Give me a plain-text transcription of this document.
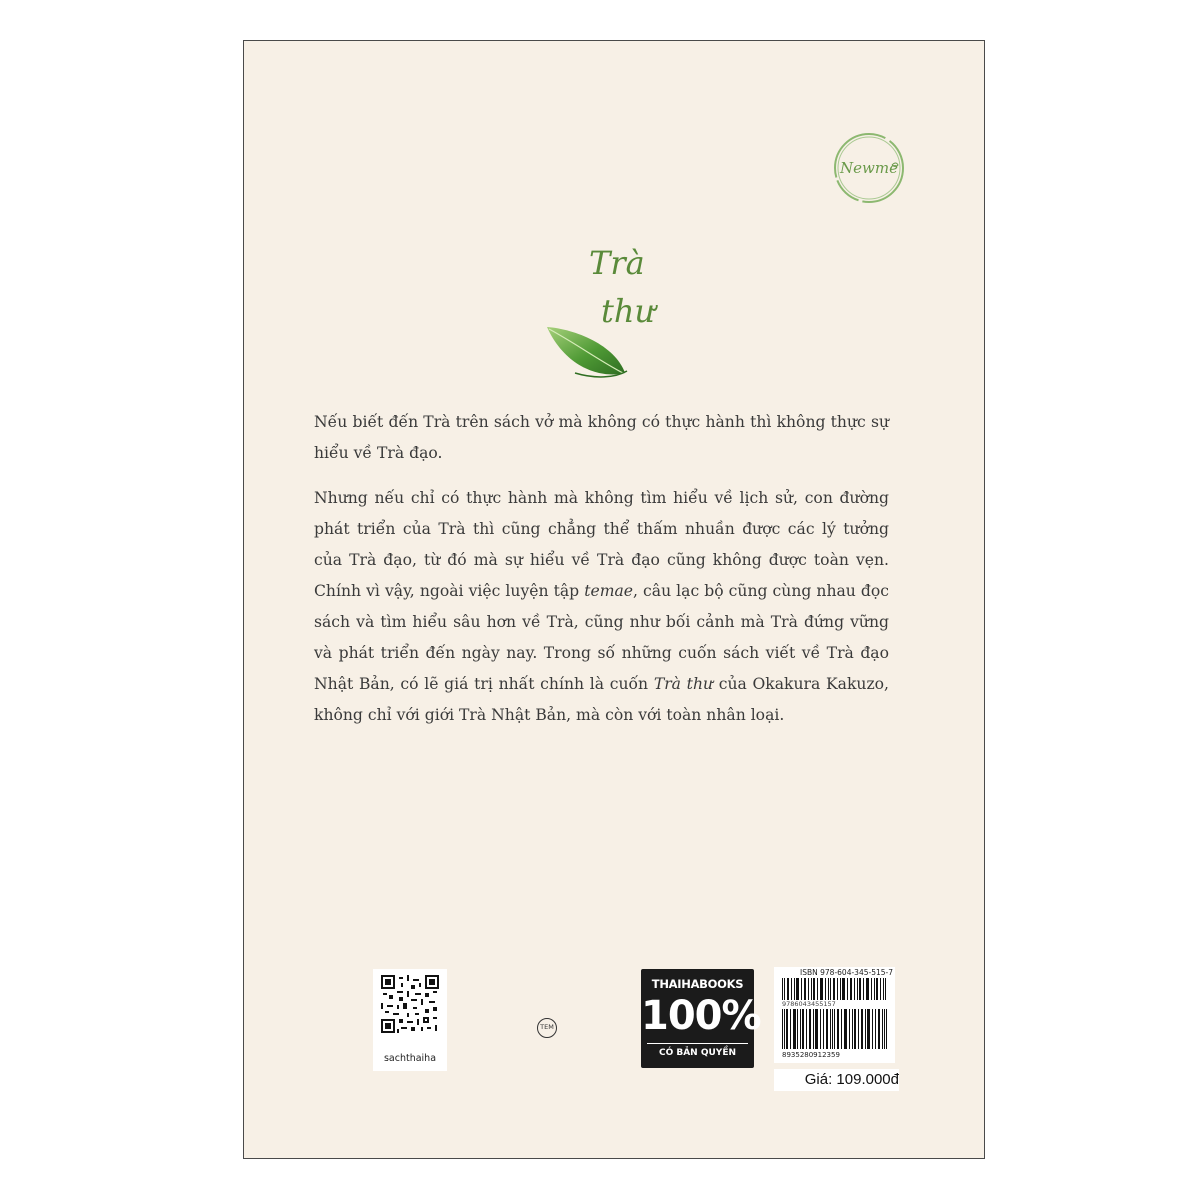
Newme
Trà
thư

Nếu biết đến Trà trên sách vở mà không có thực hành thì không thực sự hiểu về Trà đạo.

Nhưng nếu chỉ có thực hành mà không tìm hiểu về lịch sử, con đường phát triển của Trà thì cũng chẳng thể thấm nhuần được các lý tưởng của Trà đạo, từ đó mà sự hiểu về Trà đạo cũng không được toàn vẹn. Chính vì vậy, ngoài việc luyện tập temae, câu lạc bộ cũng cùng nhau đọc sách và tìm hiểu sâu hơn về Trà, cũng như bối cảnh mà Trà đứng vững và phát triển đến ngày nay. Trong số những cuốn sách viết về Trà đạo Nhật Bản, có lẽ giá trị nhất chính là cuốn Trà thư của Okakura Kakuzo, không chỉ với giới Trà Nhật Bản, mà còn với toàn nhân loại.

sachthaiha
TEM
THAIHABOOKS
100%
CÓ BẢN QUYỀN
ISBN 978-604-345-515-7
9786043455157
8935280912359
Giá: 109.000đ
